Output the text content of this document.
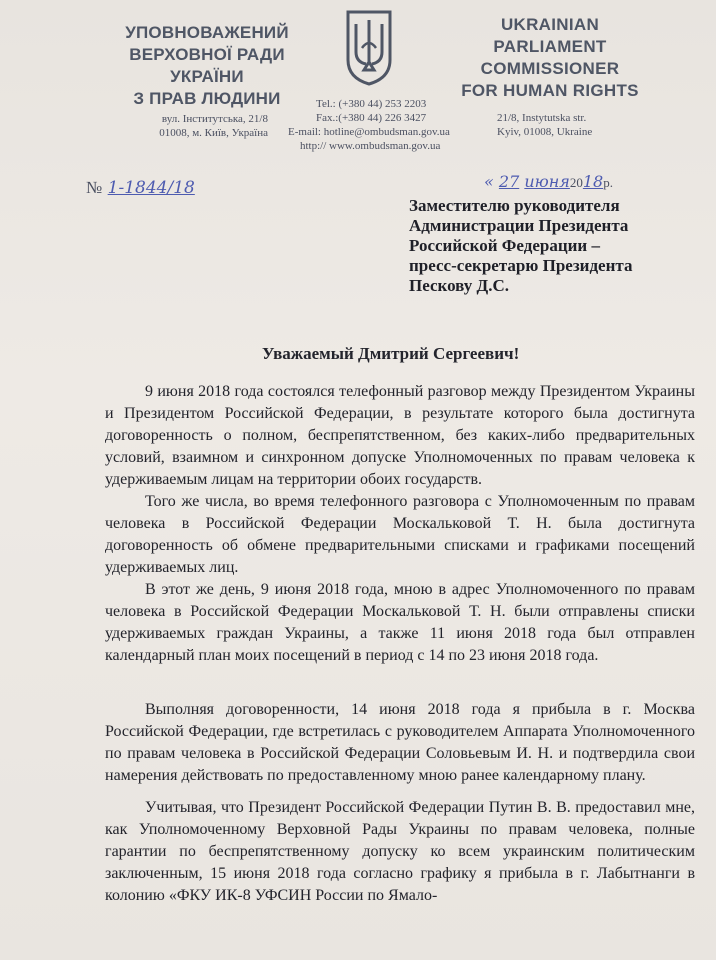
УПОВНОВАЖЕНИЙ
ВЕРХОВНОЇ РАДИ УКРАЇНИ
З ПРАВ ЛЮДИНИ
UKRAINIAN
PARLIAMENT COMMISSIONER
FOR HUMAN RIGHTS
вул. Інститутська, 21/8
01008, м. Київ, Україна
Tel.: (+380 44) 253 2203
Fax.:(+380 44) 226 3427
E-mail: hotline@ombudsman.gov.ua
http:// www.ombudsman.gov.ua
21/8, Instytutska str.
Kyiv, 01008, Ukraine
№ 1-1844/18	« 27 июня2018р.
Заместителю руководителя
Администрации Президента
Российской Федерации –
пресс-секретарю Президента
Пескову Д.С.
Уважаемый Дмитрий Сергеевич!
9 июня 2018 года состоялся телефонный разговор между Президентом Украины и Президентом Российской Федерации, в результате которого была достигнута договоренность о полном, беспрепятственном, без каких-либо предварительных условий, взаимном и синхронном допуске Уполномоченных по правам человека к удерживаемым лицам на территории обоих государств.
Того же числа, во время телефонного разговора с Уполномоченным по правам человека в Российской Федерации Москальковой Т. Н. была достигнута договоренность об обмене предварительными списками и графиками посещений удерживаемых лиц.
В этот же день, 9 июня 2018 года, мною в адрес Уполномоченного по правам человека в Российской Федерации Москальковой Т. Н. были отправлены списки удерживаемых граждан Украины, а также 11 июня 2018 года был отправлен календарный план моих посещений в период с 14 по 23 июня 2018 года.
Выполняя договоренности, 14 июня 2018 года я прибыла в г. Москва Российской Федерации, где встретилась с руководителем Аппарата Уполномоченного по правам человека в Российской Федерации Соловьевым И. Н. и подтвердила свои намерения действовать по предоставленному мною ранее календарному плану.
Учитывая, что Президент Российской Федерации Путин В. В. предоставил мне, как Уполномоченному Верховной Рады Украины по правам человека, полные гарантии по беспрепятственному допуску ко всем украинским политическим заключенным, 15 июня 2018 года согласно графику я прибыла в г. Лабытнанги в колонию «ФКУ ИК-8 УФСИН России по Ямало-
